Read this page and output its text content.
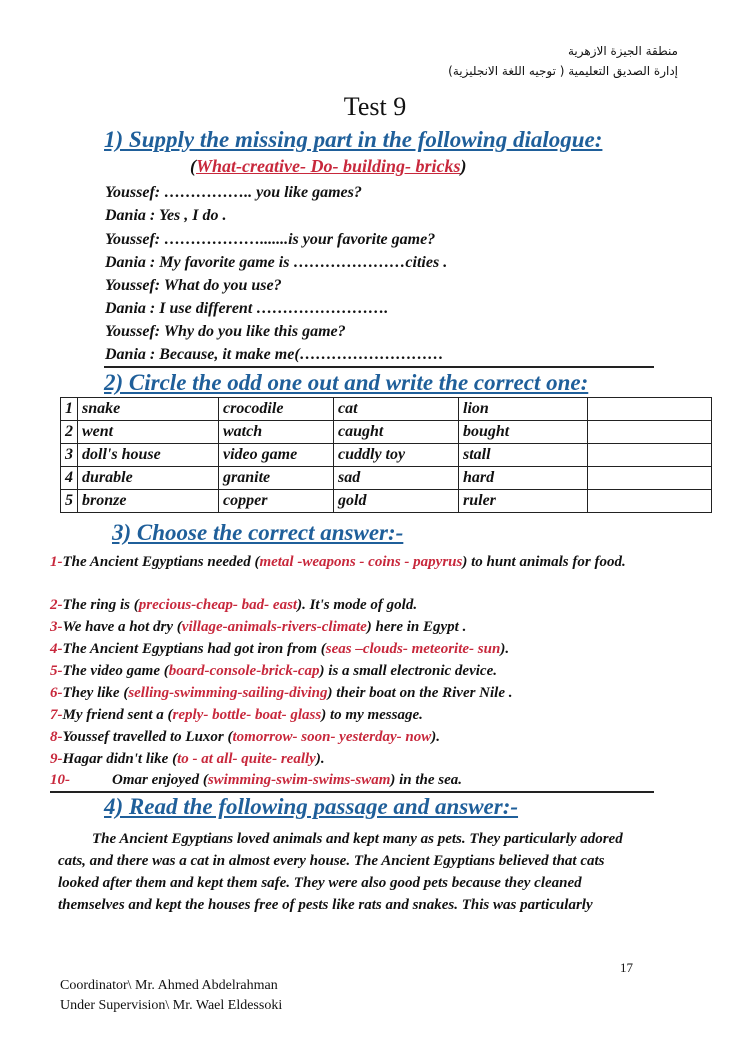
منطقة الجيزة الازهرية
إدارة الصديق التعليمية ( توجيه اللغة الانجليزية)
Test 9
1) Supply the missing part in the following dialogue:
(What-creative- Do- building- bricks)
Youssef: …………….. you like games?
Dania : Yes , I do .
Youssef: ……………….......is your favorite game?
Dania : My favorite game is …………………cities .
Youssef: What do you use?
Dania : I use different …………………….
Youssef: Why do you like this game?
Dania : Because, it make me(………………………
2) Circle the odd one out and write the correct one:
1	snake	crocodile	cat	lion	
2	went	watch	caught	bought	
3	doll's house	video game	cuddly toy	stall	
4	durable	granite	sad	hard	
5	bronze	copper	gold	ruler	
3) Choose the correct answer:-
1-The Ancient Egyptians needed (metal -weapons - coins - papyrus) to hunt animals for food.
2-The ring is (precious-cheap- bad- east). It's mode of gold.
3-We have a hot dry (village-animals-rivers-climate) here in Egypt .
4-The Ancient Egyptians had got iron from (seas –clouds- meteorite- sun).
5-The video game (board-console-brick-cap) is a small electronic device.
6-They like (selling-swimming-sailing-diving) their boat on the River Nile .
7-My friend sent a (reply- bottle- boat- glass) to my message.
8-Youssef travelled to Luxor (tomorrow- soon- yesterday- now).
9-Hagar didn't like (to - at all- quite- really).
10-	Omar enjoyed (swimming-swim-swims-swam) in the sea.
4) Read the following passage and answer:-
The Ancient Egyptians loved animals and kept many as pets. They particularly adored cats, and there was a cat in almost every house. The Ancient Egyptians believed that cats looked after them and kept them safe. They were also good pets because they cleaned themselves and kept the houses free of pests like rats and snakes. This was particularly
17
Coordinator\ Mr. Ahmed Abdelrahman
Under Supervision\ Mr. Wael Eldessoki
